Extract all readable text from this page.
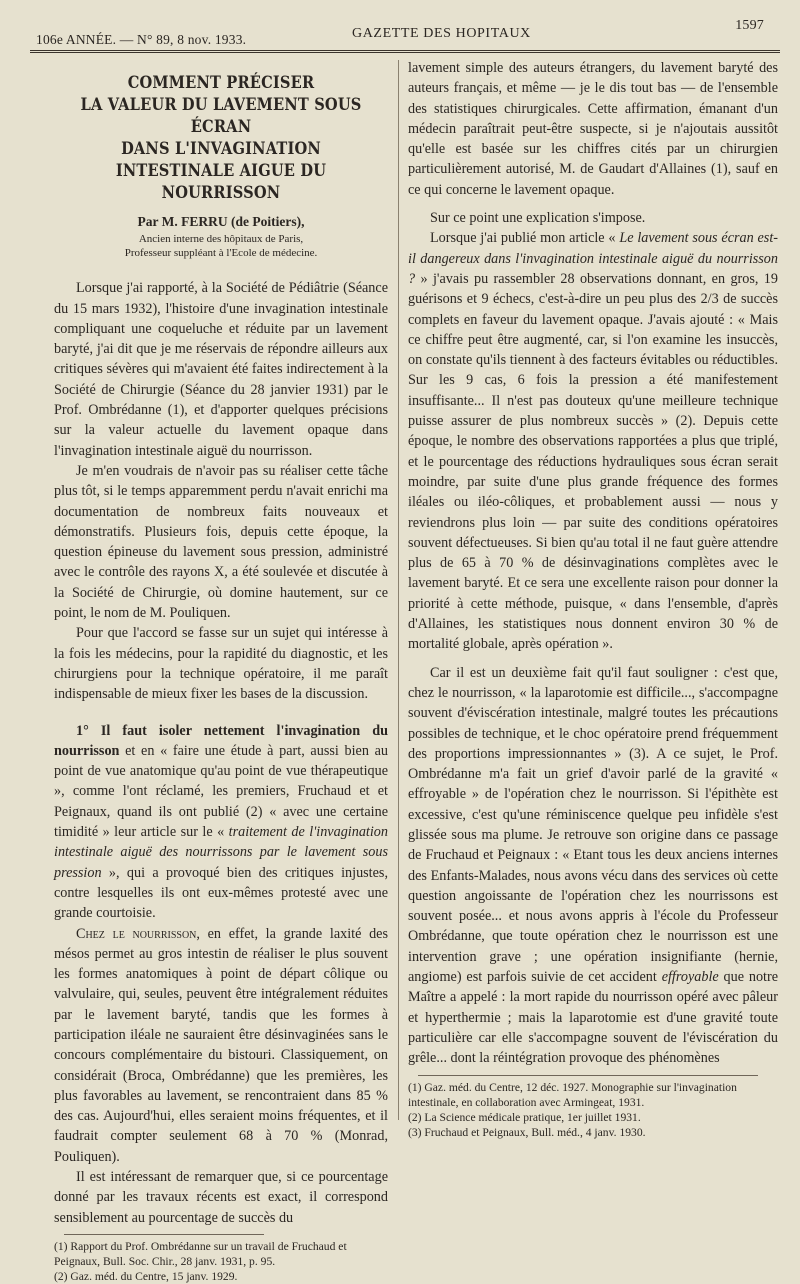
106e ANNÉE. — N° 89, 8 nov. 1933.	GAZETTE DES HOPITAUX
1597
COMMENT PRÉCISER
LA VALEUR DU LAVEMENT SOUS ÉCRAN
DANS L'INVAGINATION
INTESTINALE AIGUE DU NOURRISSON
Par M. FERRU (de Poitiers),
Ancien interne des hôpitaux de Paris,
Professeur suppléant à l'Ecole de médecine.

Lorsque j'ai rapporté, à la Société de Pédiâtrie (Séance du 15 mars 1932), l'histoire d'une invagination intestinale compliquant une coqueluche et réduite par un lavement baryté, j'ai dit que je me réservais de répondre ailleurs aux critiques sévères qui m'avaient été faites indirectement à la Société de Chirurgie (Séance du 28 janvier 1931) par le Prof. Ombrédanne (1), et d'apporter quelques précisions sur la valeur actuelle du lavement opaque dans l'invagination intestinale aiguë du nourrisson.

Je m'en voudrais de n'avoir pas su réaliser cette tâche plus tôt, si le temps apparemment perdu n'avait enrichi ma documentation de nombreux faits nouveaux et démonstratifs. Plusieurs fois, depuis cette époque, la question épineuse du lavement sous pression, administré avec le contrôle des rayons X, a été soulevée et discutée à la Société de Chirurgie, où domine hautement, sur ce point, le nom de M. Pouliquen.

Pour que l'accord se fasse sur un sujet qui intéresse à la fois les médecins, pour la rapidité du diagnostic, et les chirurgiens pour la technique opératoire, il me paraît indispensable de mieux fixer les bases de la discussion.

1° Il faut isoler nettement l'invagination du nourrisson et en « faire une étude à part, aussi bien au point de vue anatomique qu'au point de vue thérapeutique », comme l'ont réclamé, les premiers, Fruchaud et et Peignaux, quand ils ont publié (2) « avec une certaine timidité » leur article sur le « traitement de l'invagination intestinale aiguë des nourrissons par le lavement sous pression », qui a provoqué bien des critiques injustes, contre lesquelles ils ont eux-mêmes protesté avec une grande courtoisie.

Chez le nourrisson, en effet, la grande laxité des mésos permet au gros intestin de réaliser le plus souvent les formes anatomiques à point de départ côlique ou valvulaire, qui, seules, peuvent être intégralement réduites par le lavement baryté, tandis que les formes à participation iléale ne sauraient être désinvaginées sans le concours complémentaire du bistouri. Classiquement, on considérait (Broca, Ombrédanne) que les premières, les plus favorables au lavement, se rencontraient dans 85 % des cas. Aujourd'hui, elles seraient moins fréquentes, et il faudrait compter seulement 68 à 70 % (Monrad, Pouliquen).

Il est intéressant de remarquer que, si ce pourcentage donné par les travaux récents est exact, il correspond sensiblement au pourcentage de succès du

(1) Rapport du Prof. Ombrédanne sur un travail de Fruchaud et Peignaux, Bull. Soc. Chir., 28 janv. 1931, p. 95.

(2) Gaz. méd. du Centre, 15 janv. 1929.

lavement simple des auteurs étrangers, du lavement baryté des auteurs français, et même — je le dis tout bas — de l'ensemble des statistiques chirurgicales. Cette affirmation, émanant d'un médecin paraîtrait peut-être suspecte, si je n'ajoutais aussitôt qu'elle est basée sur les chiffres cités par un chirurgien particulièrement autorisé, M. de Gaudart d'Allaines (1), sauf en ce qui concerne le lavement opaque.

Sur ce point une explication s'impose.

Lorsque j'ai publié mon article « Le lavement sous écran est-il dangereux dans l'invagination intestinale aiguë du nourrisson ? » j'avais pu rassembler 28 observations donnant, en gros, 19 guérisons et 9 échecs, c'est-à-dire un peu plus des 2/3 de succès complets en faveur du lavement opaque. J'avais ajouté : « Mais ce chiffre peut être augmenté, car, si l'on examine les insuccès, on constate qu'ils tiennent à des facteurs évitables ou réductibles. Sur les 9 cas, 6 fois la pression a été manifestement insuffisante... Il n'est pas douteux qu'une meilleure technique puisse assurer de plus nombreux succès » (2). Depuis cette époque, le nombre des observations rapportées a plus que triplé, et le pourcentage des réductions hydrauliques sous écran serait moindre, par suite d'une plus grande fréquence des formes iléales ou iléo-côliques, et probablement aussi — nous y reviendrons plus loin — par suite des conditions opératoires souvent défectueuses. Si bien qu'au total il ne faut guère attendre plus de 65 à 70 % de désinvaginations complètes avec le lavement baryté. Et ce sera une excellente raison pour donner la priorité à cette méthode, puisque, « dans l'ensemble, d'après d'Allaines, les statistiques nous donnent environ 30 % de mortalité globale, après opération ».

Car il est un deuxième fait qu'il faut souligner : c'est que, chez le nourrisson, « la laparotomie est difficile..., s'accompagne souvent d'éviscération intestinale, malgré toutes les précautions possibles de technique, et le choc opératoire prend fréquemment des proportions impressionnantes » (3). A ce sujet, le Prof. Ombrédanne m'a fait un grief d'avoir parlé de la gravité « effroyable » de l'opération chez le nourrisson. Si l'épithète est excessive, c'est qu'une réminiscence quelque peu infidèle s'est glissée sous ma plume. Je retrouve son origine dans ce passage de Fruchaud et Peignaux : « Etant tous les deux anciens internes des Enfants-Malades, nous avons vécu dans des services où cette question angoissante de l'opération chez les nourrissons est souvent posée... et nous avons appris à l'école du Professeur Ombrédanne, que toute opération chez le nourrisson est une intervention grave ; une opération insignifiante (hernie, angiome) est parfois suivie de cet accident effroyable que notre Maître a appelé : la mort rapide du nourrisson opéré avec pâleur et hyperthermie ; mais la laparotomie est d'une gravité toute particulière car elle s'accompagne souvent de l'éviscération du grêle... dont la réintégration provoque des phénomènes

(1) Gaz. méd. du Centre, 12 déc. 1927. Monographie sur l'invagination intestinale, en collaboration avec Armingeat, 1931.

(2) La Science médicale pratique, 1er juillet 1931.

(3) Fruchaud et Peignaux, Bull. méd., 4 janv. 1930.
